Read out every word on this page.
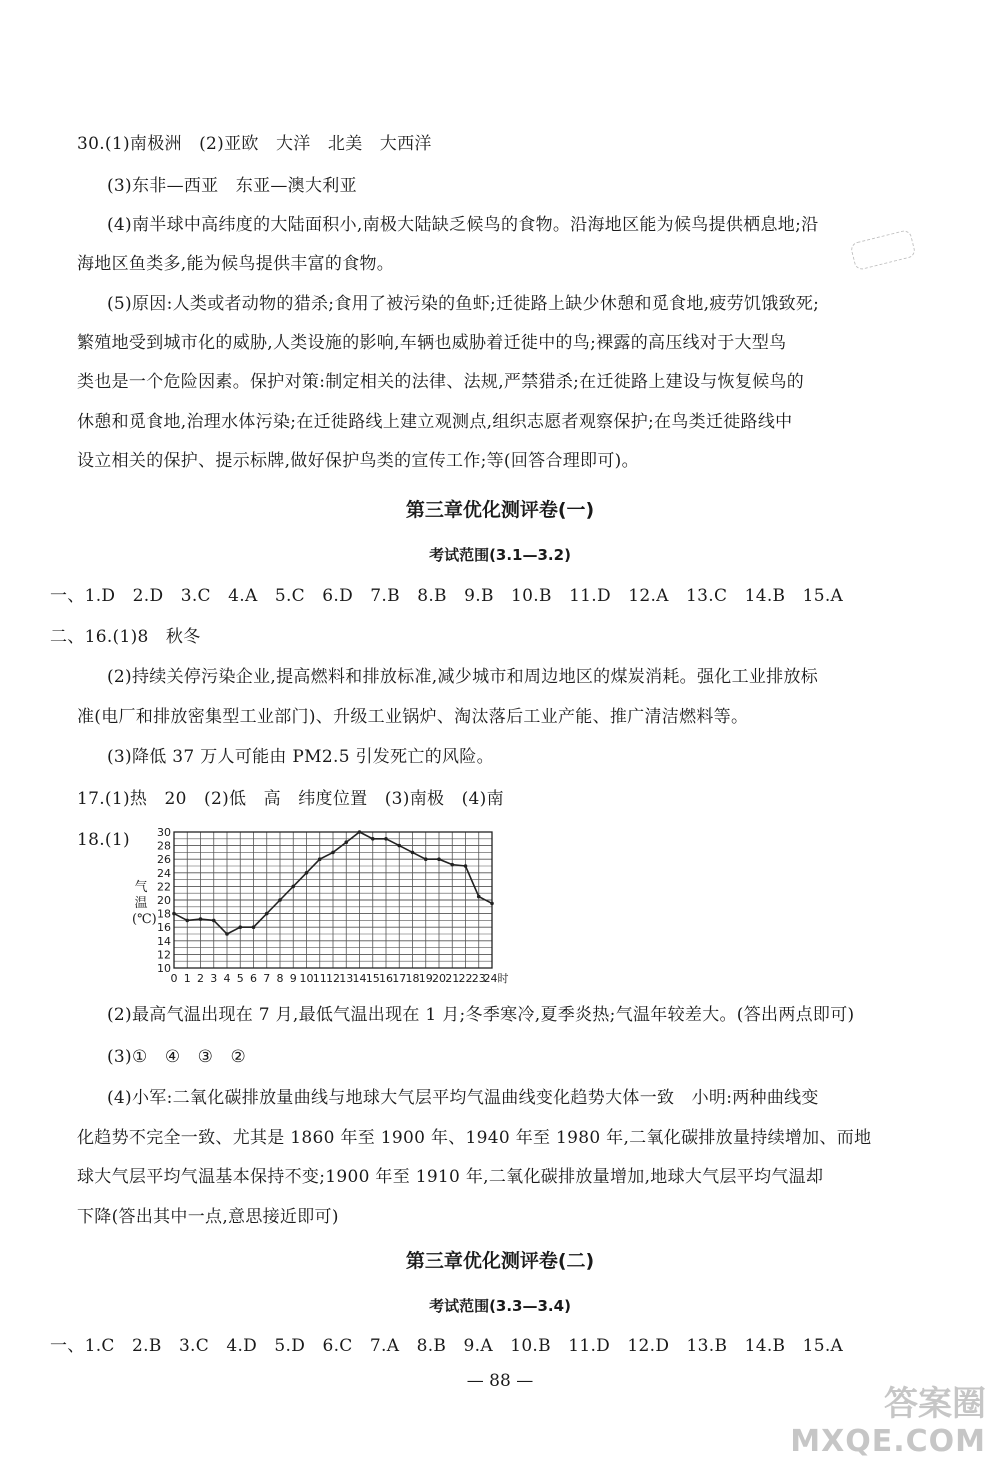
30.(1)南极洲　(2)亚欧　大洋　北美　大西洋
(3)东非—西亚　东亚—澳大利亚
(4)南半球中高纬度的大陆面积小,南极大陆缺乏候鸟的食物。沿海地区能为候鸟提供栖息地;沿
海地区鱼类多,能为候鸟提供丰富的食物。
(5)原因:人类或者动物的猎杀;食用了被污染的鱼虾;迁徙路上缺少休憩和觅食地,疲劳饥饿致死;
繁殖地受到城市化的威胁,人类设施的影响,车辆也威胁着迁徙中的鸟;裸露的高压线对于大型鸟
类也是一个危险因素。保护对策:制定相关的法律、法规,严禁猎杀;在迁徙路上建设与恢复候鸟的
休憩和觅食地,治理水体污染;在迁徙路线上建立观测点,组织志愿者观察保护;在鸟类迁徙路线中
设立相关的保护、提示标牌,做好保护鸟类的宣传工作;等(回答合理即可)。
第三章优化测评卷(一)
考试范围(3.1—3.2)
一、1.D　2.D　3.C　4.A　5.C　6.D　7.B　8.B　9.B　10.B　11.D　12.A　13.C　14.B　15.A
二、16.(1)8　秋冬
(2)持续关停污染企业,提高燃料和排放标准,减少城市和周边地区的煤炭消耗。强化工业排放标
准(电厂和排放密集型工业部门)、升级工业锅炉、淘汰落后工业产能、推广清洁燃料等。
(3)降低 37 万人可能由 PM2.5 引发死亡的风险。
17.(1)热　20　(2)低　高　纬度位置　(3)南极　(4)南
18.(1)
气温(℃)
10
12
14
16
18
20
22
24
26
28
30
0 1 2 3 4 5 6 7 8 9 10 11 12 13 14 15 16 17 18 19 20 21 22 23
24时
(2)最高气温出现在 7 月,最低气温出现在 1 月;冬季寒冷,夏季炎热;气温年较差大。(答出两点即可)
(3)①　④　③　②
(4)小军:二氧化碳排放量曲线与地球大气层平均气温曲线变化趋势大体一致　小明:两种曲线变
化趋势不完全一致、尤其是 1860 年至 1900 年、1940 年至 1980 年,二氧化碳排放量持续增加、而地
球大气层平均气温基本保持不变;1900 年至 1910 年,二氧化碳排放量增加,地球大气层平均气温却
下降(答出其中一点,意思接近即可)
第三章优化测评卷(二)
考试范围(3.3—3.4)
一、1.C　2.B　3.C　4.D　5.D　6.C　7.A　8.B　9.A　10.B　11.D　12.D　13.B　14.B　15.A
— 88 —
答案圈
MXQE.COM
